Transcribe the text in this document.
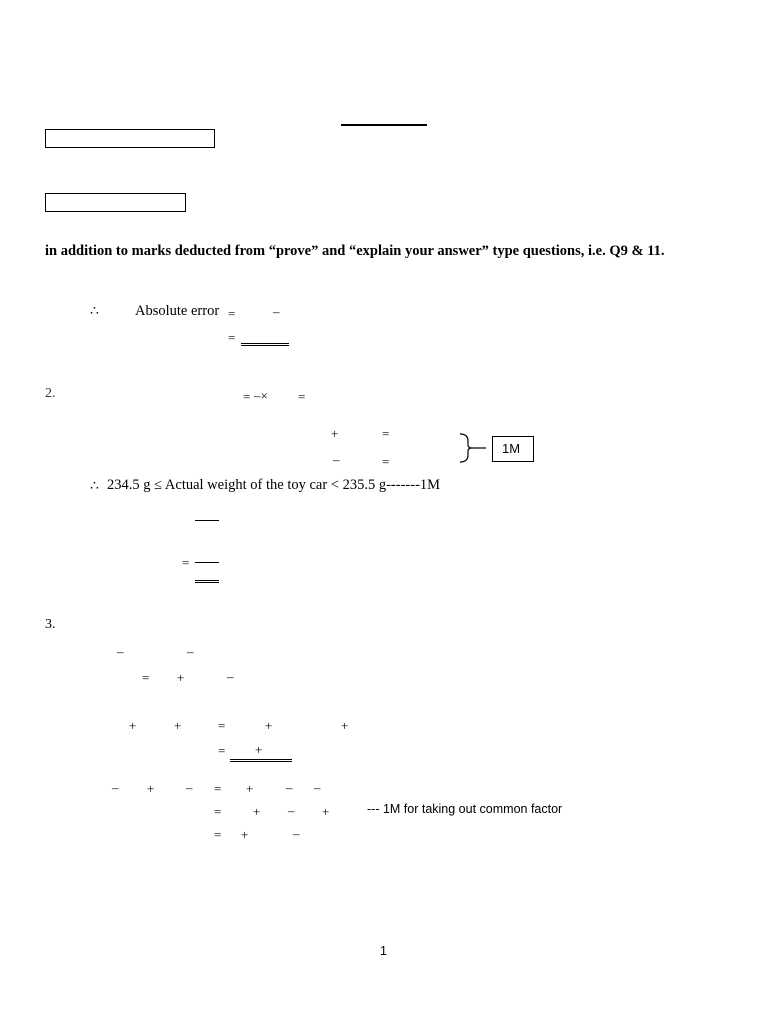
in addition to marks deducted from “prove” and “explain your answer” type questions, i.e. Q9 & 11.
∴ Absolute error =	–
=
2.	= –× =
+	=
–	=
1M
∴ 234.5 g ≤ Actual weight of the toy car < 235.5 g-------1M
=
3.
–	–
= +	–
+	+	=	+	+
= +
– + – = +	– –
= + – +	--- 1M for taking out common factor
= +	–
1
